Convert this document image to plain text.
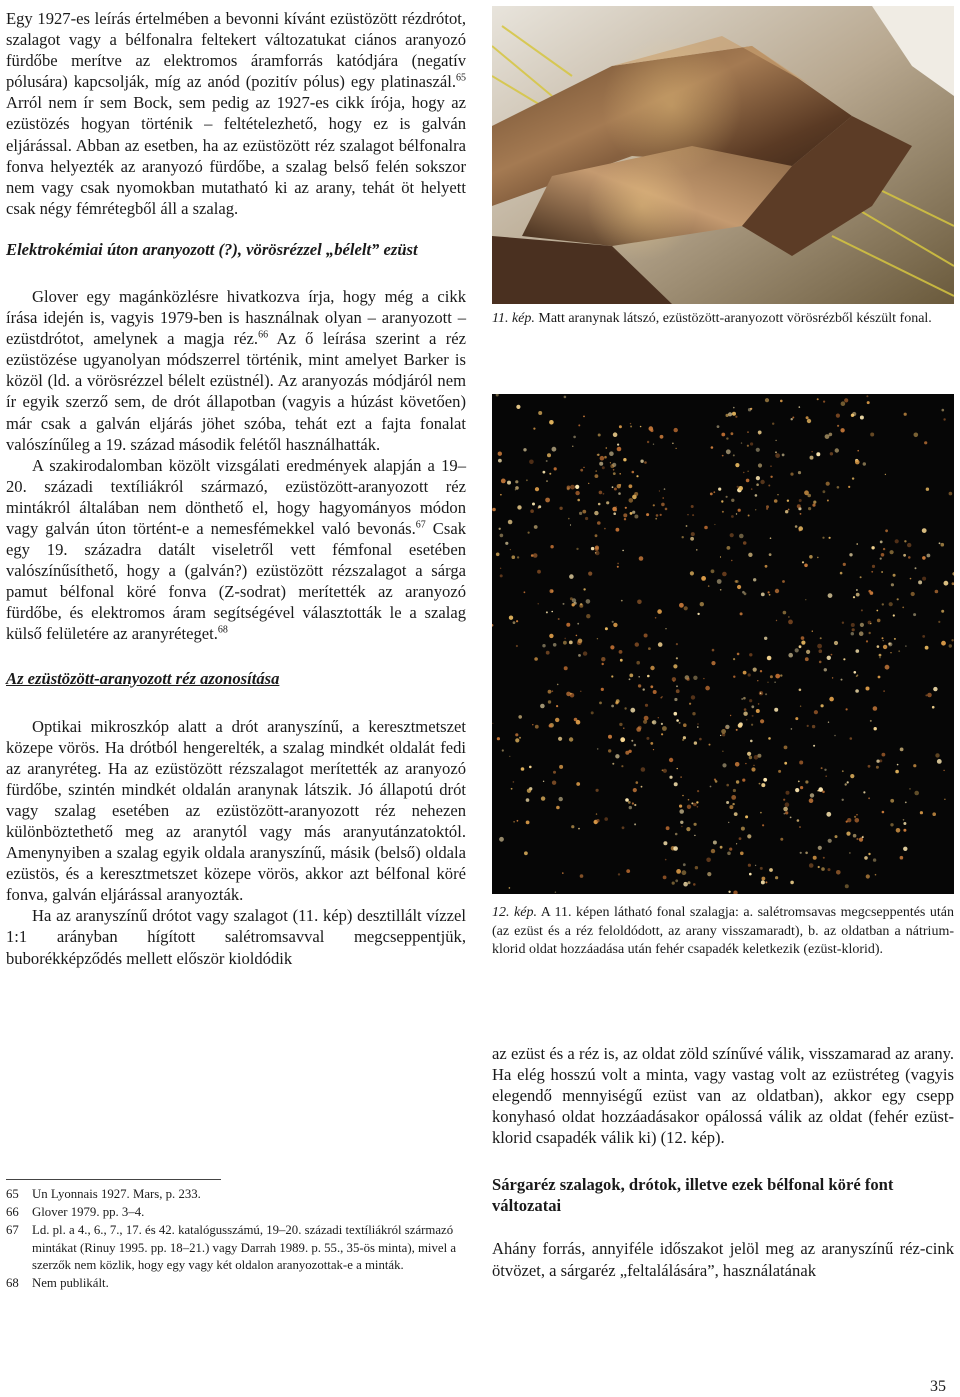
Egy 1927-es leírás értelmében a bevonni kívánt ezüstözött rézdrótot, szalagot vagy a bélfonalra feltekert változatukat ciános aranyozó fürdőbe merítve az elektromos áramforrás katódjára (negatív pólusára) kapcsolják, míg az anód (pozitív pólus) egy platinaszál.$^{65}$ Arról nem ír sem Bock, sem pedig az 1927-es cikk írója, hogy az ezüstözés hogyan történik – feltételezhető, hogy ez is galván eljárással. Abban az esetben, ha az ezüstözött réz szalagot bélfonalra fonva helyezték az aranyozó fürdőbe, a szalag belső felén sokszor nem vagy csak nyomokban mutatható ki az arany, tehát öt helyett csak négy fémrétegből áll a szalag.

Elektrokémiai úton aranyozott (?), vörösrézzel „bélelt” ezüst

Glover egy magánközlésre hivatkozva írja, hogy még a cikk írása idején is, vagyis 1979-ben is használnak olyan – aranyozott – ezüstdrótot, amelynek a magja réz.$^{66}$ Az ő leírása szerint a réz ezüstözése ugyanolyan módszerrel történik, mint amelyet Barker is közöl (ld. a vörösrézzel bélelt ezüstnél). Az aranyozás módjáról nem ír egyik szerző sem, de drót állapotban (vagyis a húzást követően) már csak a galván eljárás jöhet szóba, tehát ezt a fajta fonalat valószínűleg a 19. század második felétől használhatták.

A szakirodalomban közölt vizsgálati eredmények alapján a 19–20. századi textíliákról származó, ezüstözött-aranyozott réz mintákról általában nem dönthető el, hogy hagyományos módon vagy galván úton történt-e a nemesfémekkel való bevonás.$^{67}$ Csak egy 19. századra datált viseletről vett fémfonal esetében valószínűsíthető, hogy a (galván?) ezüstözött rézszalagot a sárga pamut bélfonal köré fonva (Z-sodrat) merítették az aranyozó fürdőbe, és elektromos áram segítségével választották le a szalag külső felületére az aranyréteget.$^{68}$

Az ezüstözött-aranyozott réz azonosítása

Optikai mikroszkóp alatt a drót aranyszínű, a keresztmetszet közepe vörös. Ha drótból hengerelték, a szalag mindkét oldalát fedi az aranyréteg. Ha az ezüstözött rézszalagot merítették az aranyozó fürdőbe, szintén mindkét oldalán aranynak látszik. Jó állapotú drót vagy szalag esetében az ezüstözött-aranyozott réz nehezen különböztethető meg az aranytól vagy más aranyutánzatoktól. Amenynyiben a szalag egyik oldala aranyszínű, másik (belső) oldala ezüstös, és a keresztmetszet közepe vörös, akkor azt bélfonal köré fonva, galván eljárással aranyozták.

Ha az aranyszínű drótot vagy szalagot (11. kép) desztillált vízzel 1:1 arányban hígított salétromsavval megcseppentjük, buborékképződés mellett először kioldódik

65	Un Lyonnais 1927. Mars, p. 233.
66	Glover 1979. pp. 3–4.
67	Ld. pl. a 4., 6., 7., 17. és 42. katalógusszámú, 19–20. századi textíliákról származó mintákat (Rinuy 1995. pp. 18–21.) vagy Darrah 1989. p. 55., 35-ös minta), mivel a szerzők nem közlik, hogy egy vagy két oldalon aranyozottak-e a minták.
68	Nem publikált.

11. kép. Matt aranynak látszó, ezüstözött-aranyozott vörösrézből készült fonal.

12. kép. A 11. képen látható fonal szalagja: a. salétromsavas megcseppentés után (az ezüst és a réz feloldódott, az arany visszamaradt), b. az oldatban a nátrium-klorid oldat hozzáadása után fehér csapadék keletkezik (ezüst-klorid).

az ezüst és a réz is, az oldat zöld színűvé válik, visszamarad az arany. Ha elég hosszú volt a minta, vagy vastag volt az ezüstréteg (vagyis elegendő mennyiségű ezüst van az oldatban), akkor egy csepp konyhasó oldat hozzáadásakor opálossá válik az oldat (fehér ezüst-klorid csapadék válik ki) (12. kép).

Sárgaréz szalagok, drótok, illetve ezek bélfonal köré font változatai

Ahány forrás, annyiféle időszakot jelöl meg az aranyszínű réz-cink ötvözet, a sárgaréz „feltalálására”, használatának

35
